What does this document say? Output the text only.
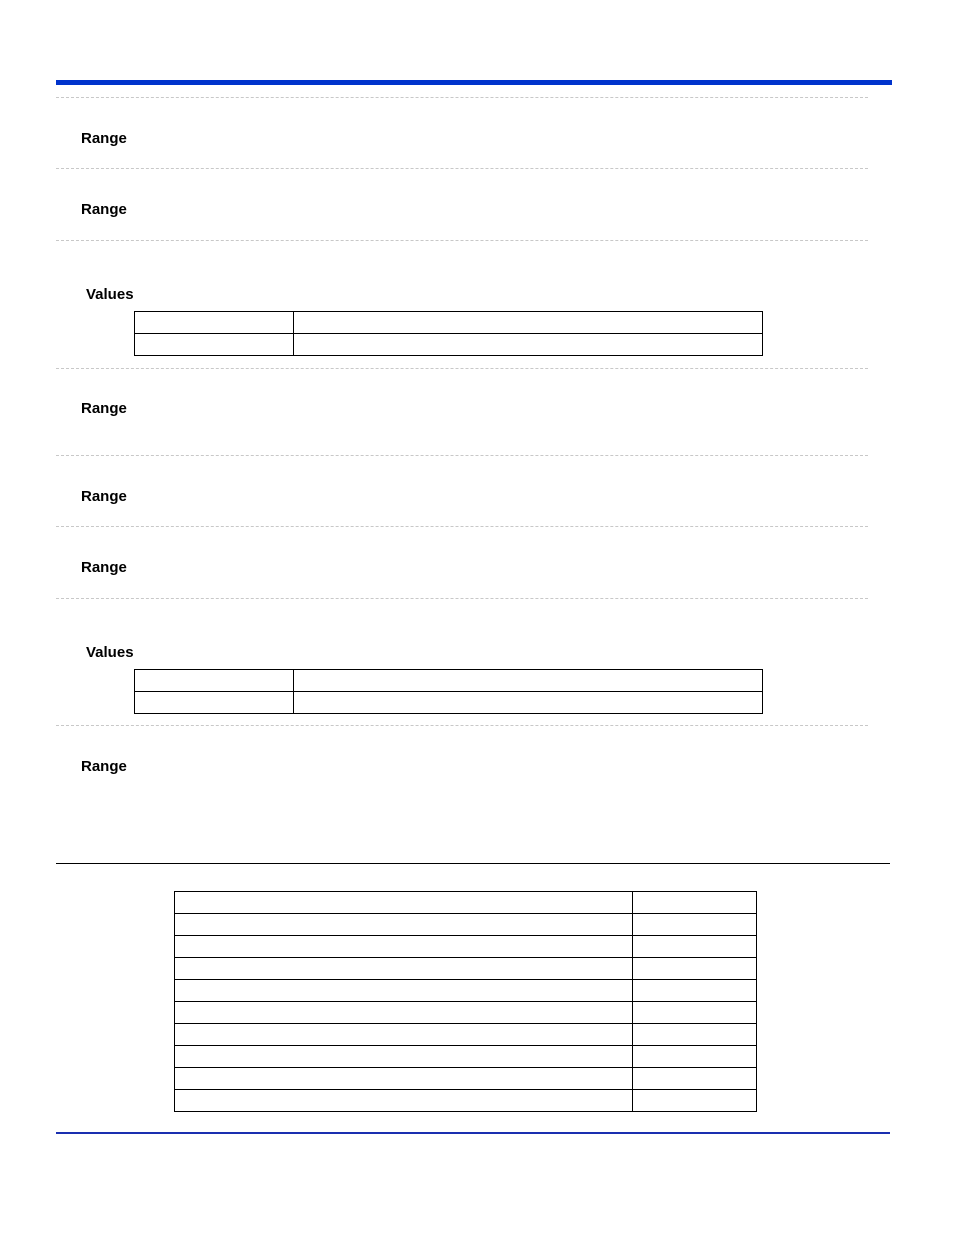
Range
Range
Values

Range
Range
Range
Values

Range
